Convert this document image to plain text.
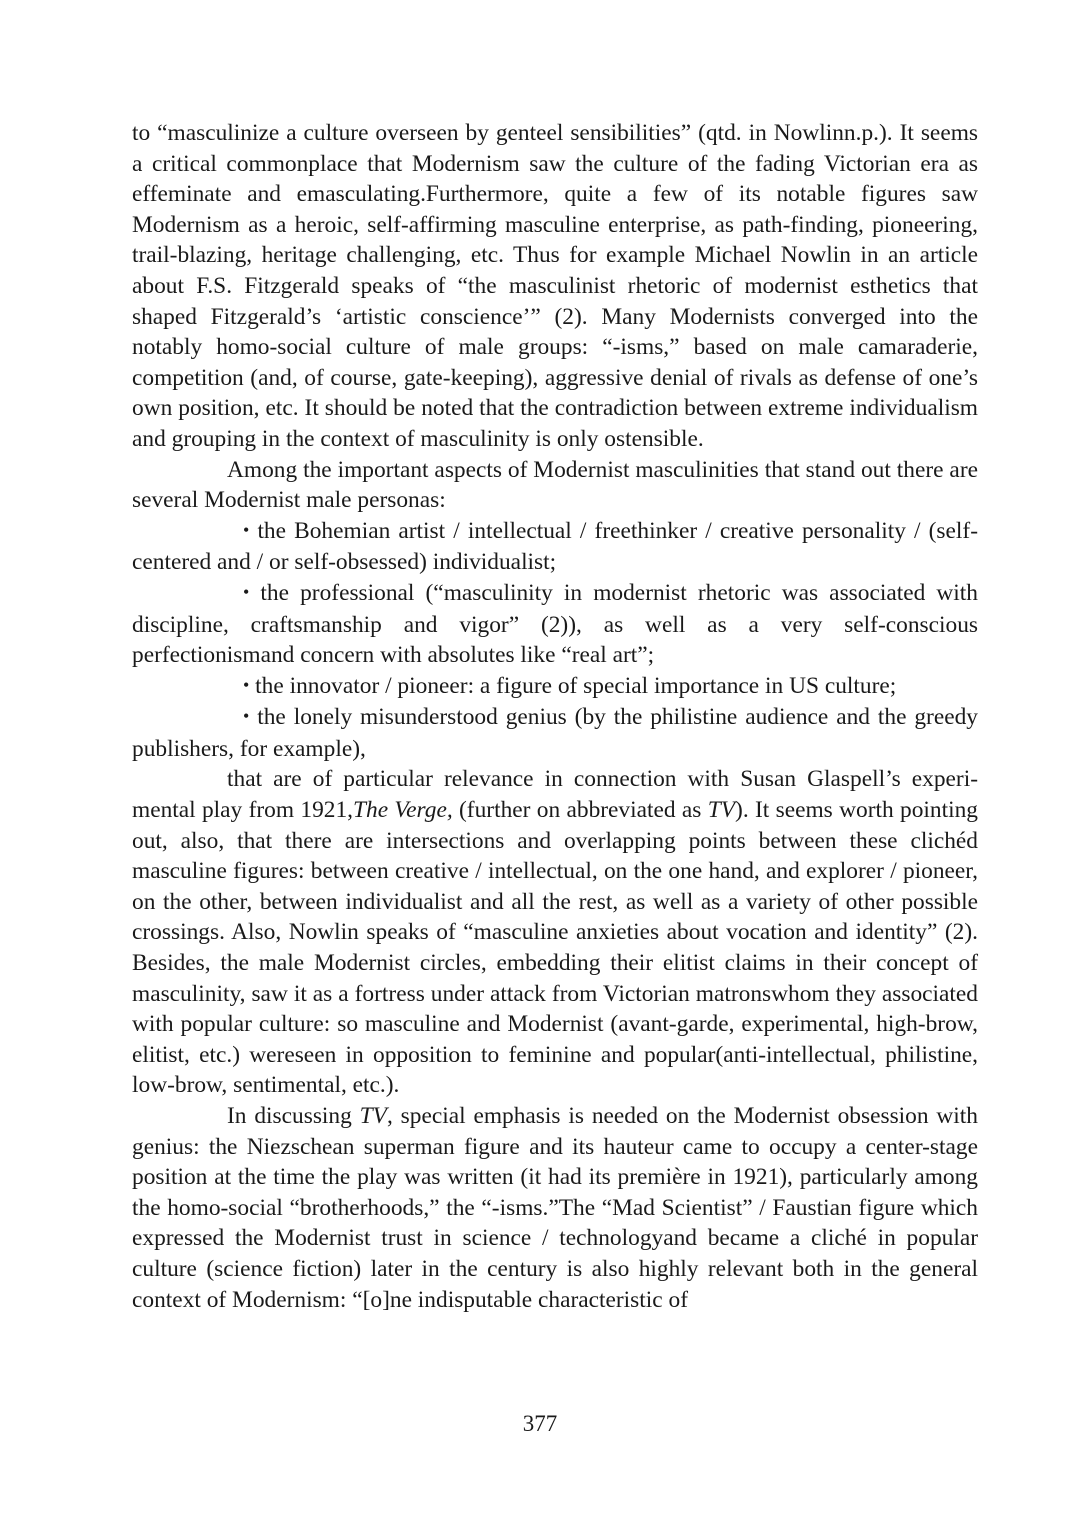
to “masculinize a culture overseen by genteel sensibilities” (qtd. in Nowlinn.p.). It seems a critical commonplace that Modernism saw the culture of the fading Victorian era as effeminate and emasculating.Furthermore, quite a few of its notable figures saw Modernism as a heroic, self-affirming masculine enterprise, as path-finding, pioneering, trail-blazing, heritage challenging, etc. Thus for example Michael Nowlin in an article about F.S. Fitzgerald speaks of “the masculinist rhetoric of modernist esthetics that shaped Fitzgerald’s ‘artistic conscience’” (2). Many Modernists converged into the notably homo-social culture of male groups: “-isms,” based on male camaraderie, competition (and, of course, gate-keeping), aggressive denial of rivals as defense of one’s own position, etc. It should be noted that the contradiction between extreme individualism and grouping in the context of masculinity is only ostensible.

Among the important aspects of Modernist masculinities that stand out there are several Modernist male personas:

• the Bohemian artist / intellectual / freethinker / creative personality / (self-centered and / or self-obsessed) individualist;

• the professional (“masculinity in modernist rhetoric was associated with discipline, craftsmanship and vigor” (2)), as well as a very self-conscious perfectionismand concern with absolutes like “real art”;

• the innovator / pioneer: a figure of special importance in US culture;

• the lonely misunderstood genius (by the philistine audience and the greedy publishers, for example),

that are of particular relevance in connection with Susan Glaspell’s experimental play from 1921,The Verge, (further on abbreviated as TV). It seems worth pointing out, also, that there are intersections and overlapping points between these clichéd masculine figures: between creative / intellectual, on the one hand, and explorer / pioneer, on the other, between individualist and all the rest, as well as a variety of other possible crossings. Also, Nowlin speaks of “masculine anxieties about vocation and identity” (2). Besides, the male Modernist circles, embedding their elitist claims in their concept of masculinity, saw it as a fortress under attack from Victorian matronswhom they associated with popular culture: so masculine and Modernist (avant-garde, experimental, high-brow, elitist, etc.) wereseen in opposition to feminine and popular(anti-intellectual, philistine, low-brow, sentimental, etc.).

In discussing TV, special emphasis is needed on the Modernist obsession with genius: the Niezschean superman figure and its hauteur came to occupy a center-stage position at the time the play was written (it had its première in 1921), particularly among the homo-social “brotherhoods,” the “-isms.”The “Mad Scientist” / Faustian figure which expressed the Modernist trust in science / technologyand became a cliché in popular culture (science fiction) later in the century is also highly relevant both in the general context of Modernism: “[o]ne indisputable characteristic of

377
